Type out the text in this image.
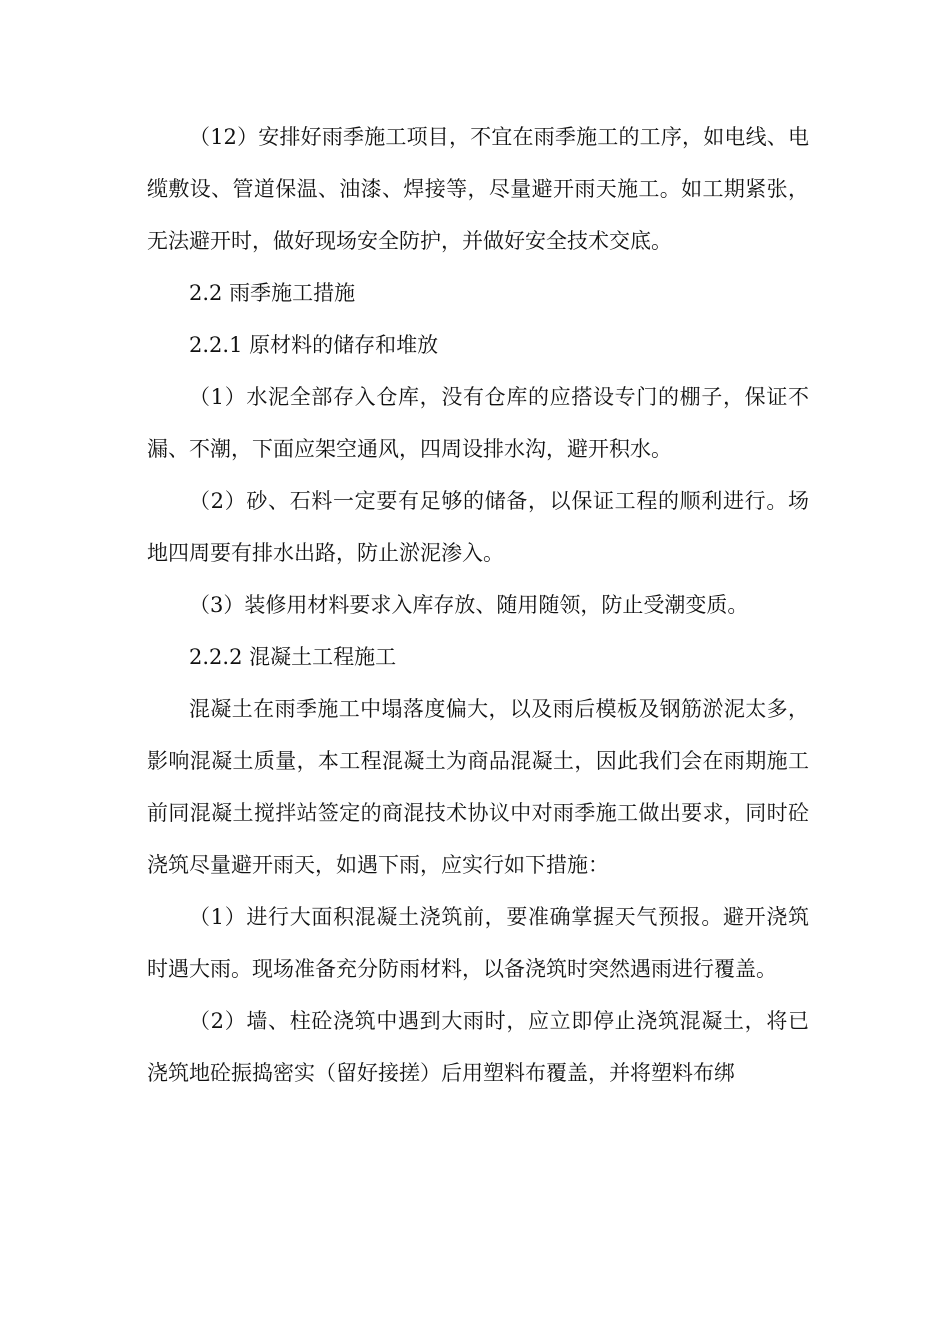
（12）安排好雨季施工项目，不宜在雨季施工的工序，如电线、电缆敷设、管道保温、油漆、焊接等，尽量避开雨天施工。如工期紧张，无法避开时，做好现场安全防护，并做好安全技术交底。

2.2 雨季施工措施

2.2.1 原材料的储存和堆放

（1）水泥全部存入仓库，没有仓库的应搭设专门的棚子，保证不漏、不潮，下面应架空通风，四周设排水沟，避开积水。

（2）砂、石料一定要有足够的储备，以保证工程的顺利进行。场地四周要有排水出路，防止淤泥渗入。

（3）装修用材料要求入库存放、随用随领，防止受潮变质。

2.2.2 混凝土工程施工

混凝土在雨季施工中塌落度偏大，以及雨后模板及钢筋淤泥太多，影响混凝土质量，本工程混凝土为商品混凝土，因此我们会在雨期施工前同混凝土搅拌站签定的商混技术协议中对雨季施工做出要求，同时砼浇筑尽量避开雨天，如遇下雨，应实行如下措施：

（1）进行大面积混凝土浇筑前，要准确掌握天气预报。避开浇筑时遇大雨。现场准备充分防雨材料，以备浇筑时突然遇雨进行覆盖。

（2）墙、柱砼浇筑中遇到大雨时，应立即停止浇筑混凝土，将已浇筑地砼振捣密实（留好接搓）后用塑料布覆盖，并将塑料布绑
